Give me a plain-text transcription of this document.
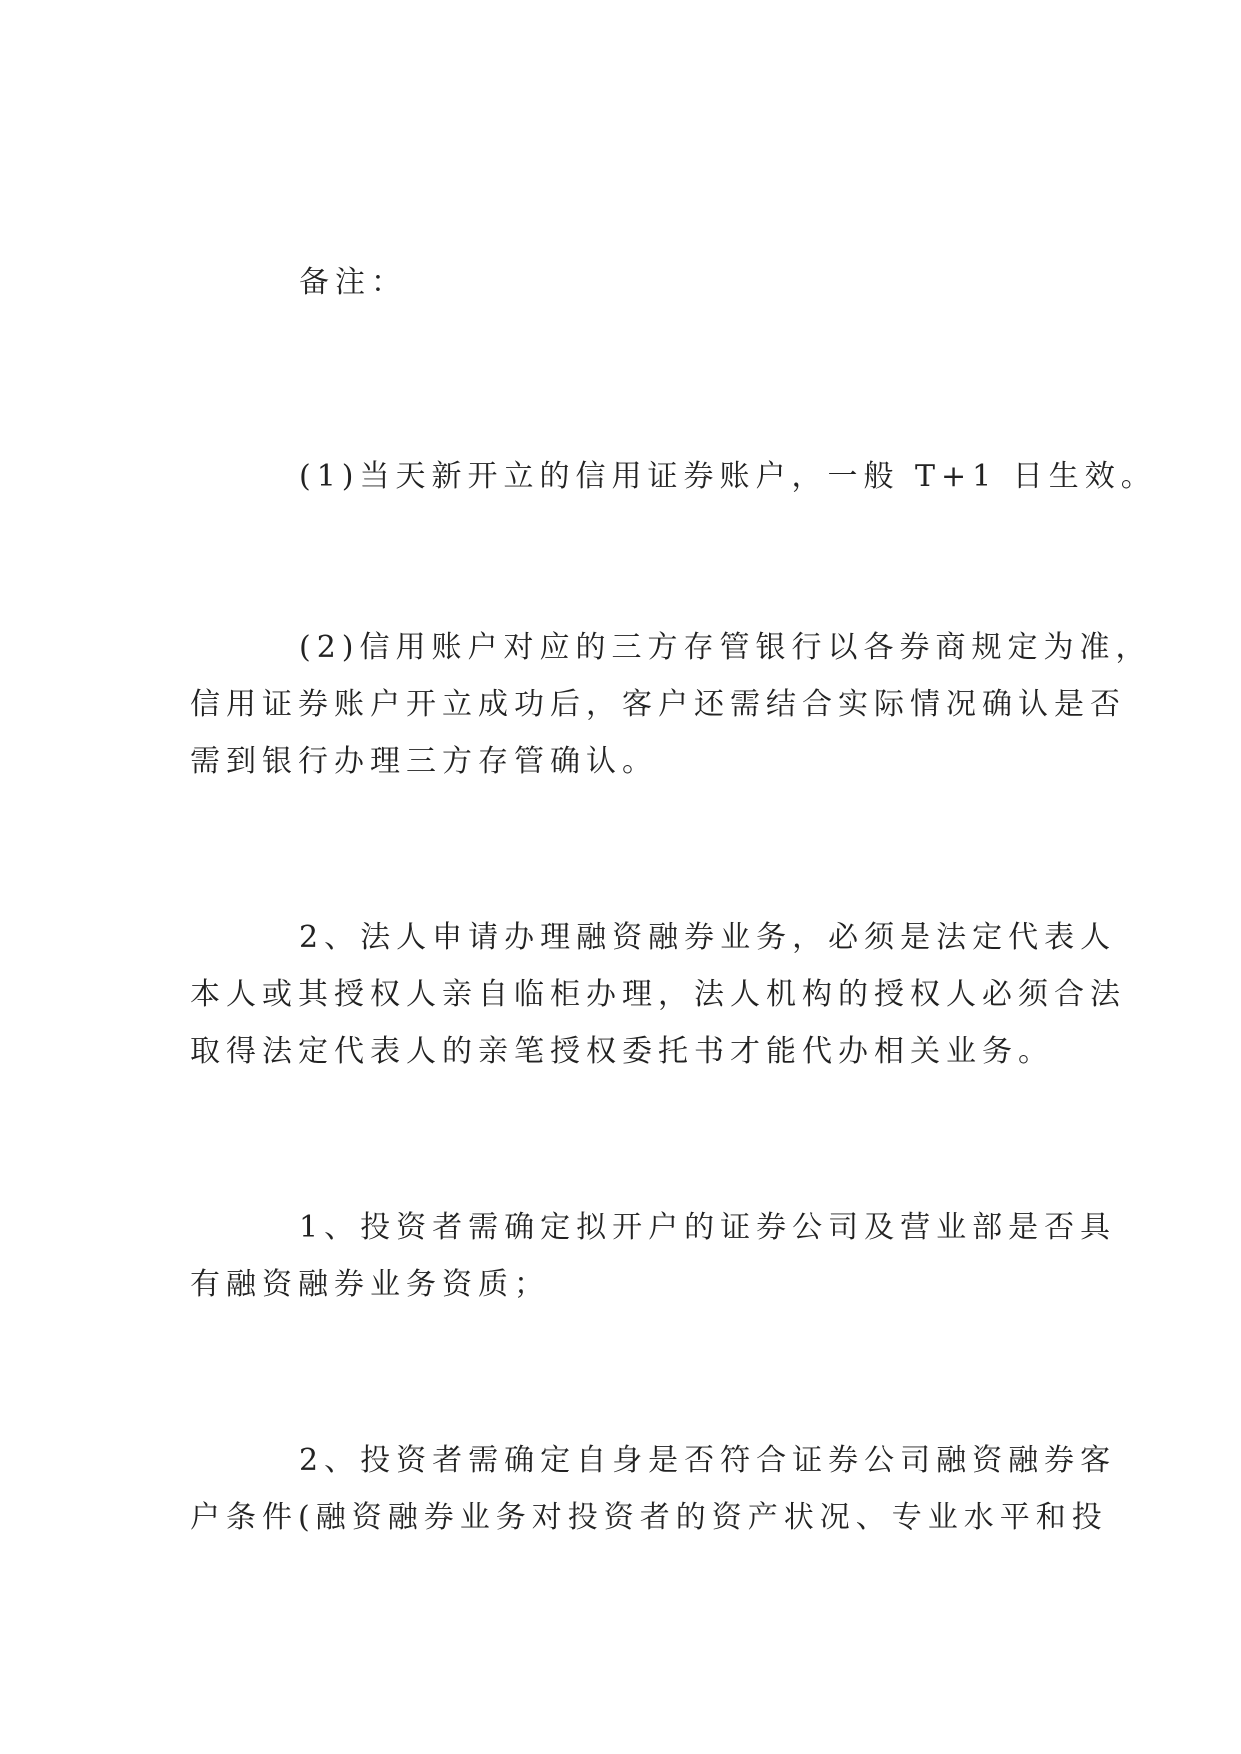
备注：
(1)当天新开立的信用证券账户，一般 T+1 日生效。
(2)信用账户对应的三方存管银行以各券商规定为准，
信用证券账户开立成功后，客户还需结合实际情况确认是否
需到银行办理三方存管确认。
2、法人申请办理融资融券业务，必须是法定代表人
本人或其授权人亲自临柜办理，法人机构的授权人必须合法
取得法定代表人的亲笔授权委托书才能代办相关业务。
1、投资者需确定拟开户的证券公司及营业部是否具
有融资融券业务资质；
2、投资者需确定自身是否符合证券公司融资融券客
户条件(融资融券业务对投资者的资产状况、专业水平和投
